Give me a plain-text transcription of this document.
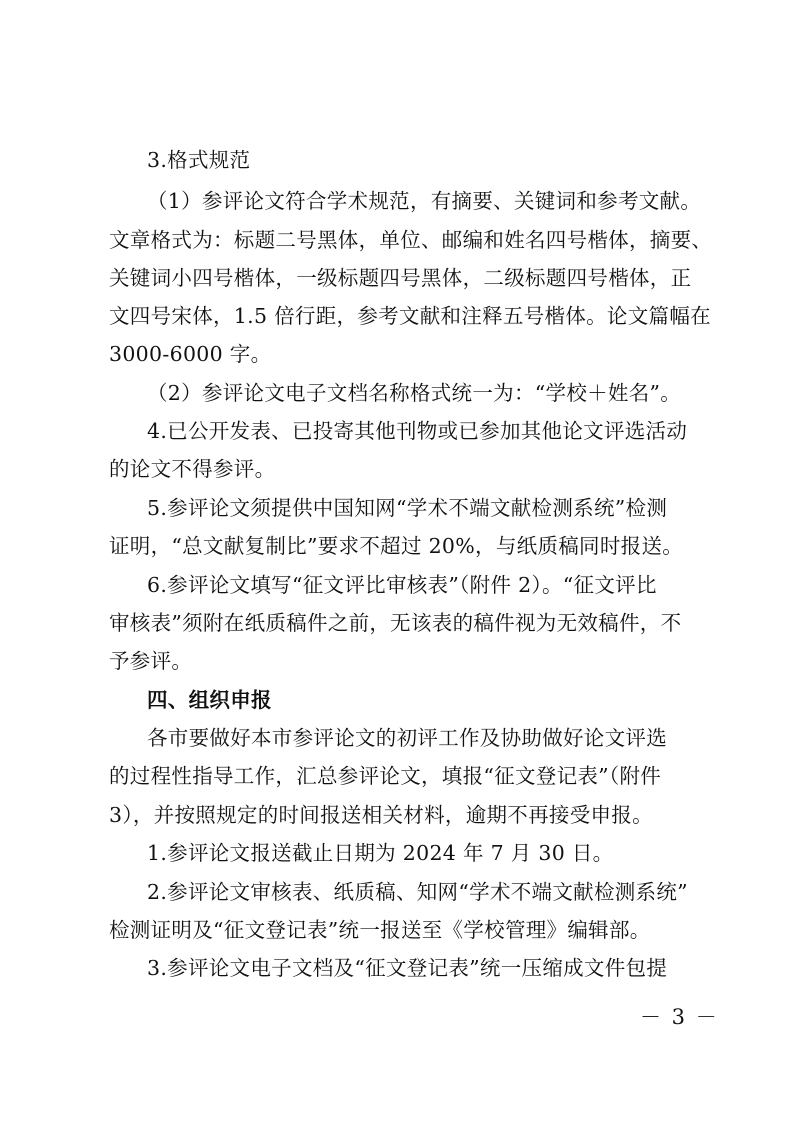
3.格式规范
（1）参评论文符合学术规范，有摘要、关键词和参考文献。
文章格式为：标题二号黑体，单位、邮编和姓名四号楷体，摘要、
关键词小四号楷体，一级标题四号黑体，二级标题四号楷体，正
文四号宋体，1.5 倍行距，参考文献和注释五号楷体。论文篇幅在
3000-6000 字。
（2）参评论文电子文档名称格式统一为：“学校＋姓名”。
4.已公开发表、已投寄其他刊物或已参加其他论文评选活动
的论文不得参评。
5.参评论文须提供中国知网“学术不端文献检测系统”检测
证明，“总文献复制比”要求不超过 20%，与纸质稿同时报送。
6.参评论文填写“征文评比审核表”（附件 2）。“征文评比
审核表”须附在纸质稿件之前，无该表的稿件视为无效稿件，不
予参评。
四、组织申报
各市要做好本市参评论文的初评工作及协助做好论文评选
的过程性指导工作，汇总参评论文，填报“征文登记表”（附件
3），并按照规定的时间报送相关材料，逾期不再接受申报。
1.参评论文报送截止日期为 2024 年 7 月 30 日。
2.参评论文审核表、纸质稿、知网“学术不端文献检测系统”
检测证明及“征文登记表”统一报送至《学校管理》编辑部。
3.参评论文电子文档及“征文登记表”统一压缩成文件包提
－ 3 －
